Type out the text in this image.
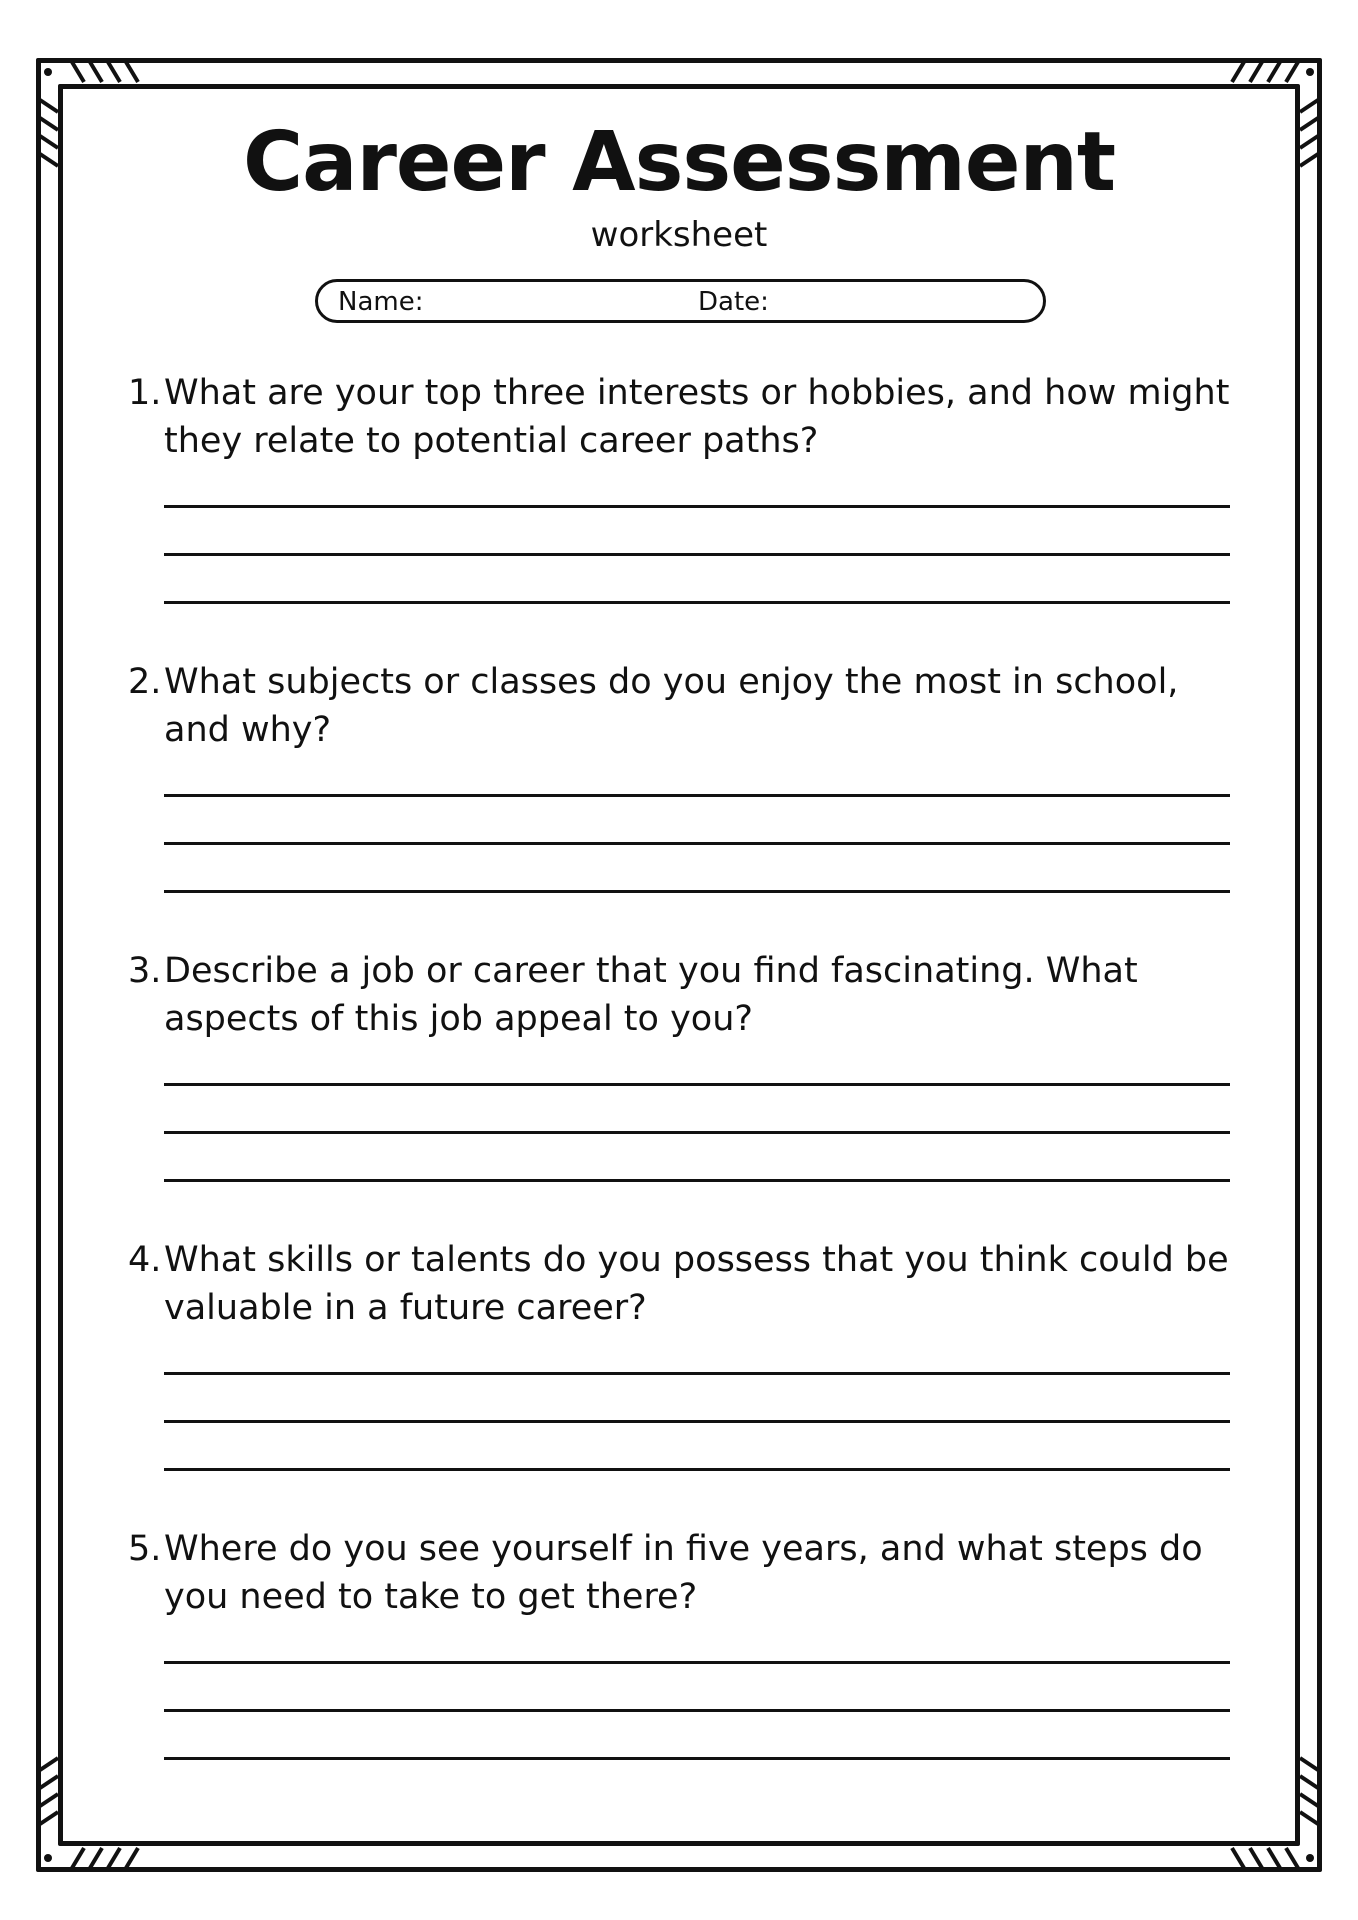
Career Assessment
worksheet
Name:	Date:
1. What are your top three interests or hobbies, and how might they relate to potential career paths?
2. What subjects or classes do you enjoy the most in school, and why?
3. Describe a job or career that you find fascinating. What aspects of this job appeal to you?
4. What skills or talents do you possess that you think could be valuable in a future career?
5. Where do you see yourself in five years, and what steps do you need to take to get there?
